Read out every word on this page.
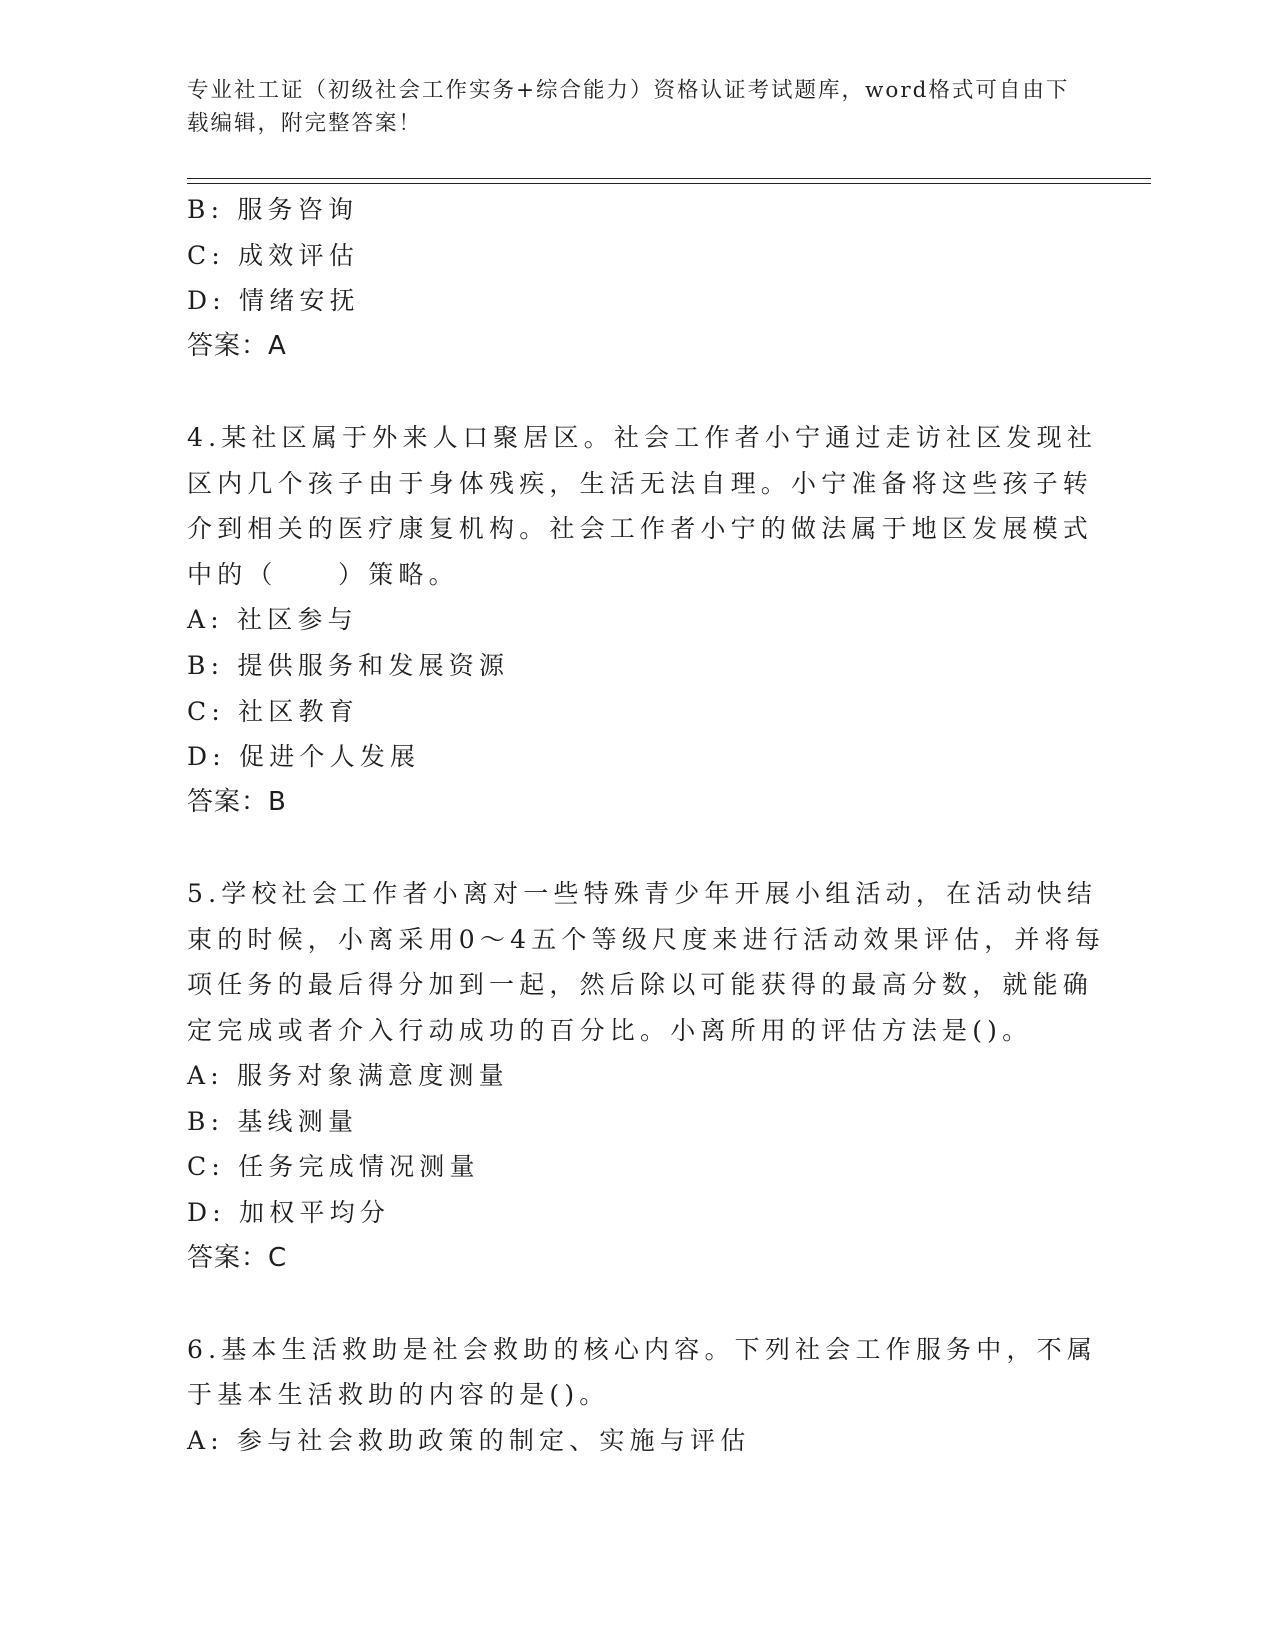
专业社工证（初级社会工作实务+综合能力）资格认证考试题库，word格式可自由下载编辑，附完整答案！
B: 服务咨询
C: 成效评估
D: 情绪安抚
答案：A
4.某社区属于外来人口聚居区。社会工作者小宁通过走访社区发现社
区内几个孩子由于身体残疾，生活无法自理。小宁准备将这些孩子转
介到相关的医疗康复机构。社会工作者小宁的做法属于地区发展模式
中的（　　）策略。
A: 社区参与
B: 提供服务和发展资源
C: 社区教育
D: 促进个人发展
答案：B
5.学校社会工作者小离对一些特殊青少年开展小组活动，在活动快结
束的时候，小离采用0～4五个等级尺度来进行活动效果评估，并将每
项任务的最后得分加到一起，然后除以可能获得的最高分数，就能确
定完成或者介入行动成功的百分比。小离所用的评估方法是()。
A: 服务对象满意度测量
B: 基线测量
C: 任务完成情况测量
D: 加权平均分
答案：C
6.基本生活救助是社会救助的核心内容。下列社会工作服务中，不属
于基本生活救助的内容的是()。
A: 参与社会救助政策的制定、实施与评估
